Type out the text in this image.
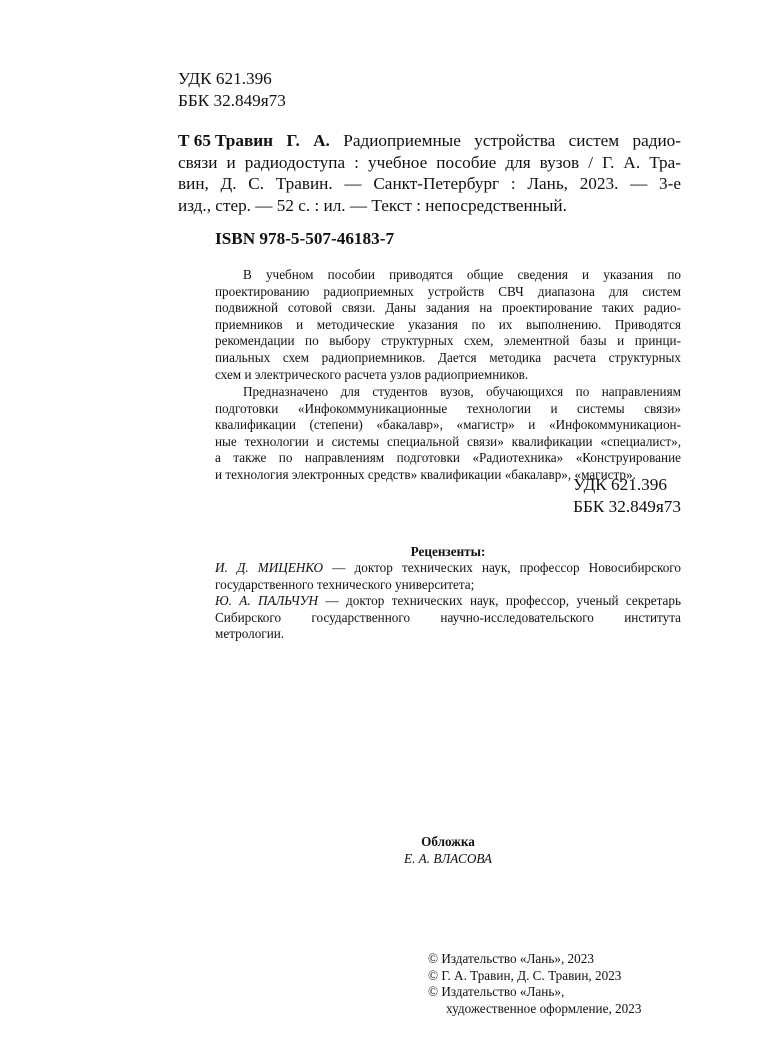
УДК 621.396
ББК 32.849я73
Т 65 Травин Г. А. Радиоприемные устройства систем радио-
связи и радиодоступа : учебное пособие для вузов / Г. А. Тра-
вин, Д. С. Травин. — Санкт-Петербург : Лань, 2023. — 3-е
изд., стер. — 52 с. : ил. — Текст : непосредственный.
ISBN 978-5-507-46183-7
В учебном пособии приводятся общие сведения и указания по
проектированию радиоприемных устройств СВЧ диапазона для систем
подвижной сотовой связи. Даны задания на проектирование таких радио-
приемников и методические указания по их выполнению. Приводятся
рекомендации по выбору структурных схем, элементной базы и принци-
пиальных схем радиоприемников. Дается методика расчета структурных
схем и электрического расчета узлов радиоприемников.
Предназначено для студентов вузов, обучающихся по направлениям
подготовки «Инфокоммуникационные технологии и системы связи»
квалификации (степени) «бакалавр», «магистр» и «Инфокоммуникацион-
ные технологии и системы специальной связи» квалификации «специалист»,
а также по направлениям подготовки «Радиотехника» «Конструирование
и технология электронных средств» квалификации «бакалавр», «магистр».
УДК 621.396
ББК 32.849я73
Рецензенты:
И. Д. МИЦЕНКО — доктор технических наук, профессор Новосибирского
государственного технического университета;
Ю. А. ПАЛЬЧУН — доктор технических наук, профессор, ученый секретарь
Сибирского государственного научно-исследовательского института
метрологии.
Обложка
Е. А. ВЛАСОВА
© Издательство «Лань», 2023
© Г. А. Травин, Д. С. Травин, 2023
© Издательство «Лань»,
художественное оформление, 2023
